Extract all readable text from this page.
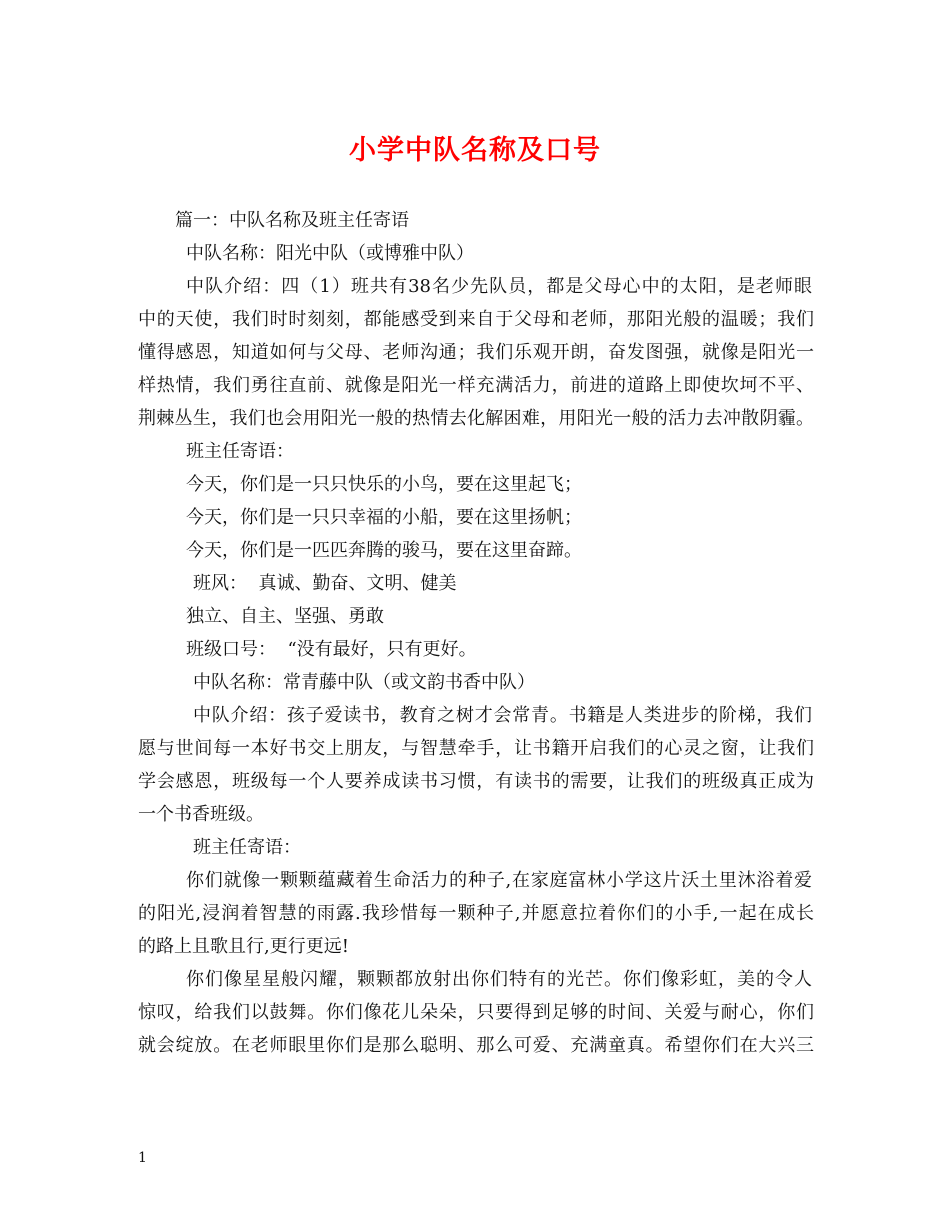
小学中队名称及口号
篇一：中队名称及班主任寄语
中队名称：阳光中队（或博雅中队）
中队介绍：四（1）班共有38名少先队员，都是父母心中的太阳，是老师眼
中的天使，我们时时刻刻，都能感受到来自于父母和老师，那阳光般的温暖；我们
懂得感恩，知道如何与父母、老师沟通；我们乐观开朗，奋发图强，就像是阳光一
样热情，我们勇往直前、就像是阳光一样充满活力，前进的道路上即使坎坷不平、
荆棘丛生，我们也会用阳光一般的热情去化解困难，用阳光一般的活力去冲散阴霾。
班主任寄语：
今天，你们是一只只快乐的小鸟，要在这里起飞；
今天，你们是一只只幸福的小船，要在这里扬帆；
今天，你们是一匹匹奔腾的骏马，要在这里奋蹄。
班风：  真诚、勤奋、文明、健美
独立、自主、坚强、勇敢
班级口号：  “没有最好，只有更好。
中队名称：常青藤中队（或文韵书香中队）
中队介绍：孩子爱读书，教育之树才会常青。书籍是人类进步的阶梯，我们
愿与世间每一本好书交上朋友，与智慧牵手，让书籍开启我们的心灵之窗，让我们
学会感恩，班级每一个人要养成读书习惯，有读书的需要，让我们的班级真正成为
一个书香班级。
班主任寄语：
你们就像一颗颗蕴藏着生命活力的种子,在家庭富林小学这片沃土里沐浴着爱
的阳光,浸润着智慧的雨露.我珍惜每一颗种子,并愿意拉着你们的小手,一起在成长
的路上且歌且行,更行更远!
你们像星星般闪耀，颗颗都放射出你们特有的光芒。你们像彩虹，美的令人
惊叹，给我们以鼓舞。你们像花儿朵朵，只要得到足够的时间、关爱与耐心，你们
就会绽放。在老师眼里你们是那么聪明、那么可爱、充满童真。希望你们在大兴三
1
